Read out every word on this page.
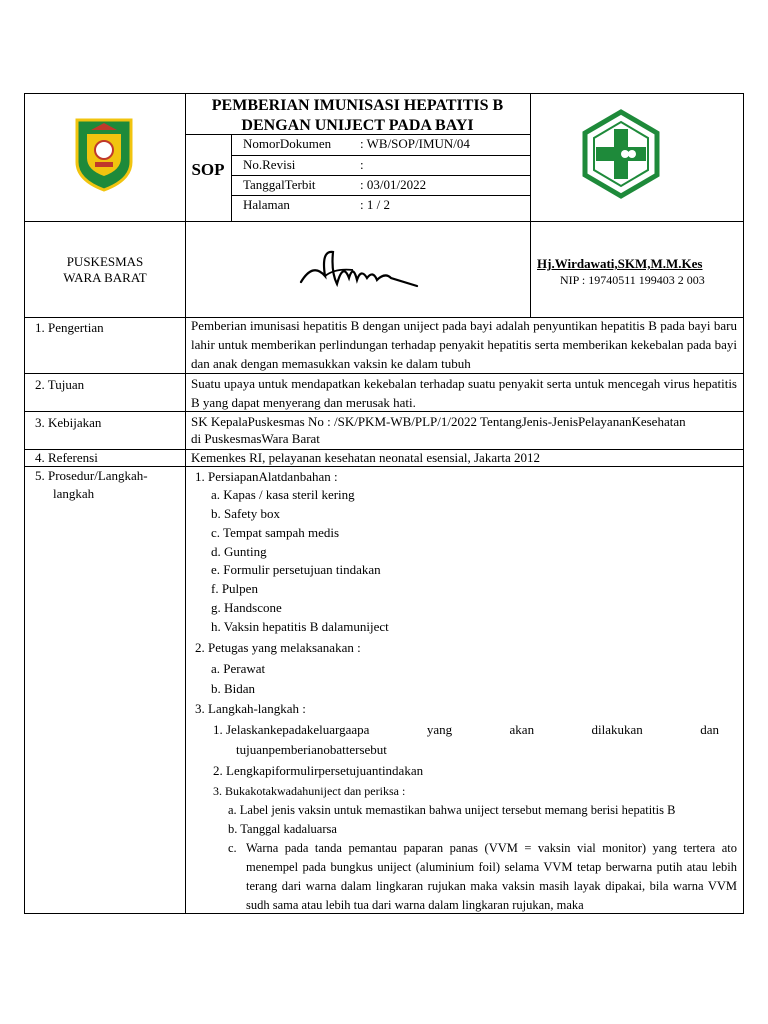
PEMBERIAN IMUNISASI HEPATITIS B
DENGAN UNIJECT PADA BAYI
SOP
NomorDokumen : WB/SOP/IMUN/04
No.Revisi	:
TanggalTerbit	: 03/01/2022
Halaman	: 1 / 2
PUSKESMAS
WARA BARAT
Hj.Wirdawati,SKM,M.M.Kes
NIP : 19740511 199403 2 003
1. Pengertian	Pemberian imunisasi hepatitis B dengan uniject pada bayi adalah penyuntikan hepatitis B pada bayi baru lahir untuk memberikan perlindungan terhadap penyakit hepatitis serta memberikan kekebalan pada bayi dan anak dengan memasukkan vaksin ke dalam tubuh
2. Tujuan	Suatu upaya untuk mendapatkan kekebalan terhadap suatu penyakit serta untuk mencegah virus hepatitis B yang dapat menyerang dan merusak hati.
3. Kebijakan	SK KepalaPuskesmas No : /SK/PKM-WB/PLP/1/2022 TentangJenis-JenisPelayananKesehatan
di PuskesmasWara Barat
4. Referensi	Kemenkes RI, pelayanan kesehatan neonatal esensial, Jakarta 2012
5. Prosedur/Langkah-
langkah
1. PersiapanAlatdanbahan :
a. Kapas / kasa steril kering
b. Safety box
c. Tempat sampah medis
d. Gunting
e. Formulir persetujuan tindakan
f. Pulpen
g. Handscone
h. Vaksin hepatitis B dalamuniject
2. Petugas yang melaksanakan :
a. Perawat
b. Bidan
3. Langkah-langkah :
1. Jelaskankepadakeluargaapa	yang	akan	dilakukan	dan
tujuanpemberianobattersebut
2. Lengkapiformulirpersetujuantindakan
3. Bukakotakwadahuniject dan periksa :
a. Label jenis vaksin untuk memastikan bahwa uniject tersebut memang berisi hepatitis B
b. Tanggal kadaluarsa
c. Warna pada tanda pemantau paparan panas (VVM = vaksin vial monitor) yang tertera ato menempel pada bungkus uniject (aluminium foil) selama VVM tetap berwarna putih atau lebih terang dari warna dalam lingkaran rujukan maka vaksin masih layak dipakai, bila warna VVM sudh sama atau lebih tua dari warna dalam lingkaran rujukan, maka
